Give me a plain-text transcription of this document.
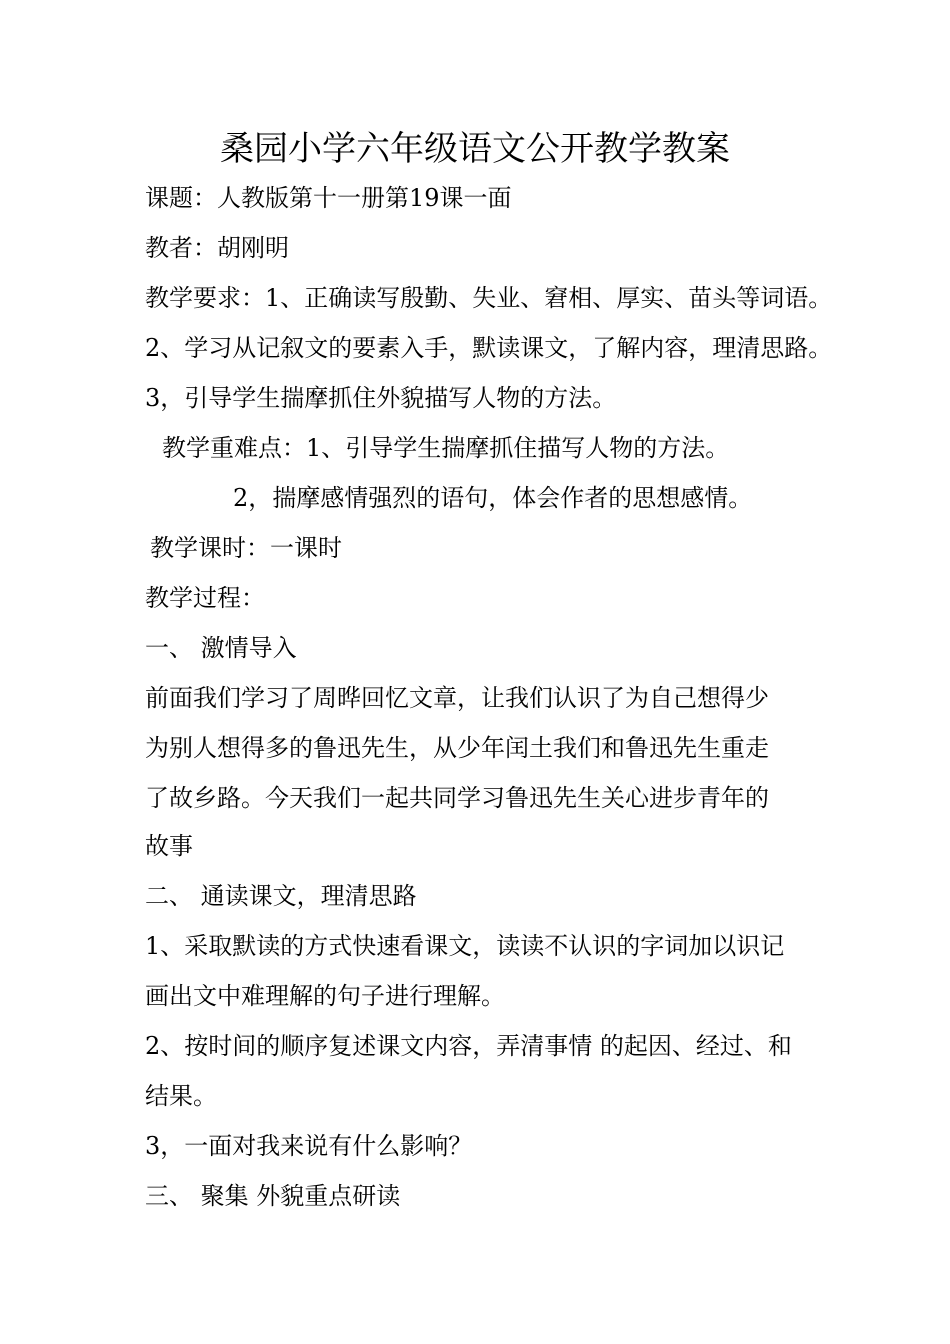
桑园小学六年级语文公开教学教案
课题：人教版第十一册第19课一面
教者：胡刚明
教学要求：1、正确读写殷勤、失业、窘相、厚实、苗头等词语。
2、学习从记叙文的要素入手，默读课文，了解内容，理清思路。
3，引导学生揣摩抓住外貌描写人物的方法。
教学重难点：1、引导学生揣摩抓住描写人物的方法。
2，揣摩感情强烈的语句，体会作者的思想感情。
教学课时：一课时
教学过程：
一、 激情导入
前面我们学习了周晔回忆文章，让我们认识了为自己想得少
为别人想得多的鲁迅先生，从少年闰土我们和鲁迅先生重走
了故乡路。今天我们一起共同学习鲁迅先生关心进步青年的
故事
二、 通读课文，理清思路
1、采取默读的方式快速看课文，读读不认识的字词加以识记
画出文中难理解的句子进行理解。
2、按时间的顺序复述课文内容，弄清事情 的起因、经过、和
结果。
3，一面对我来说有什么影响？
三、 聚集 外貌重点研读
